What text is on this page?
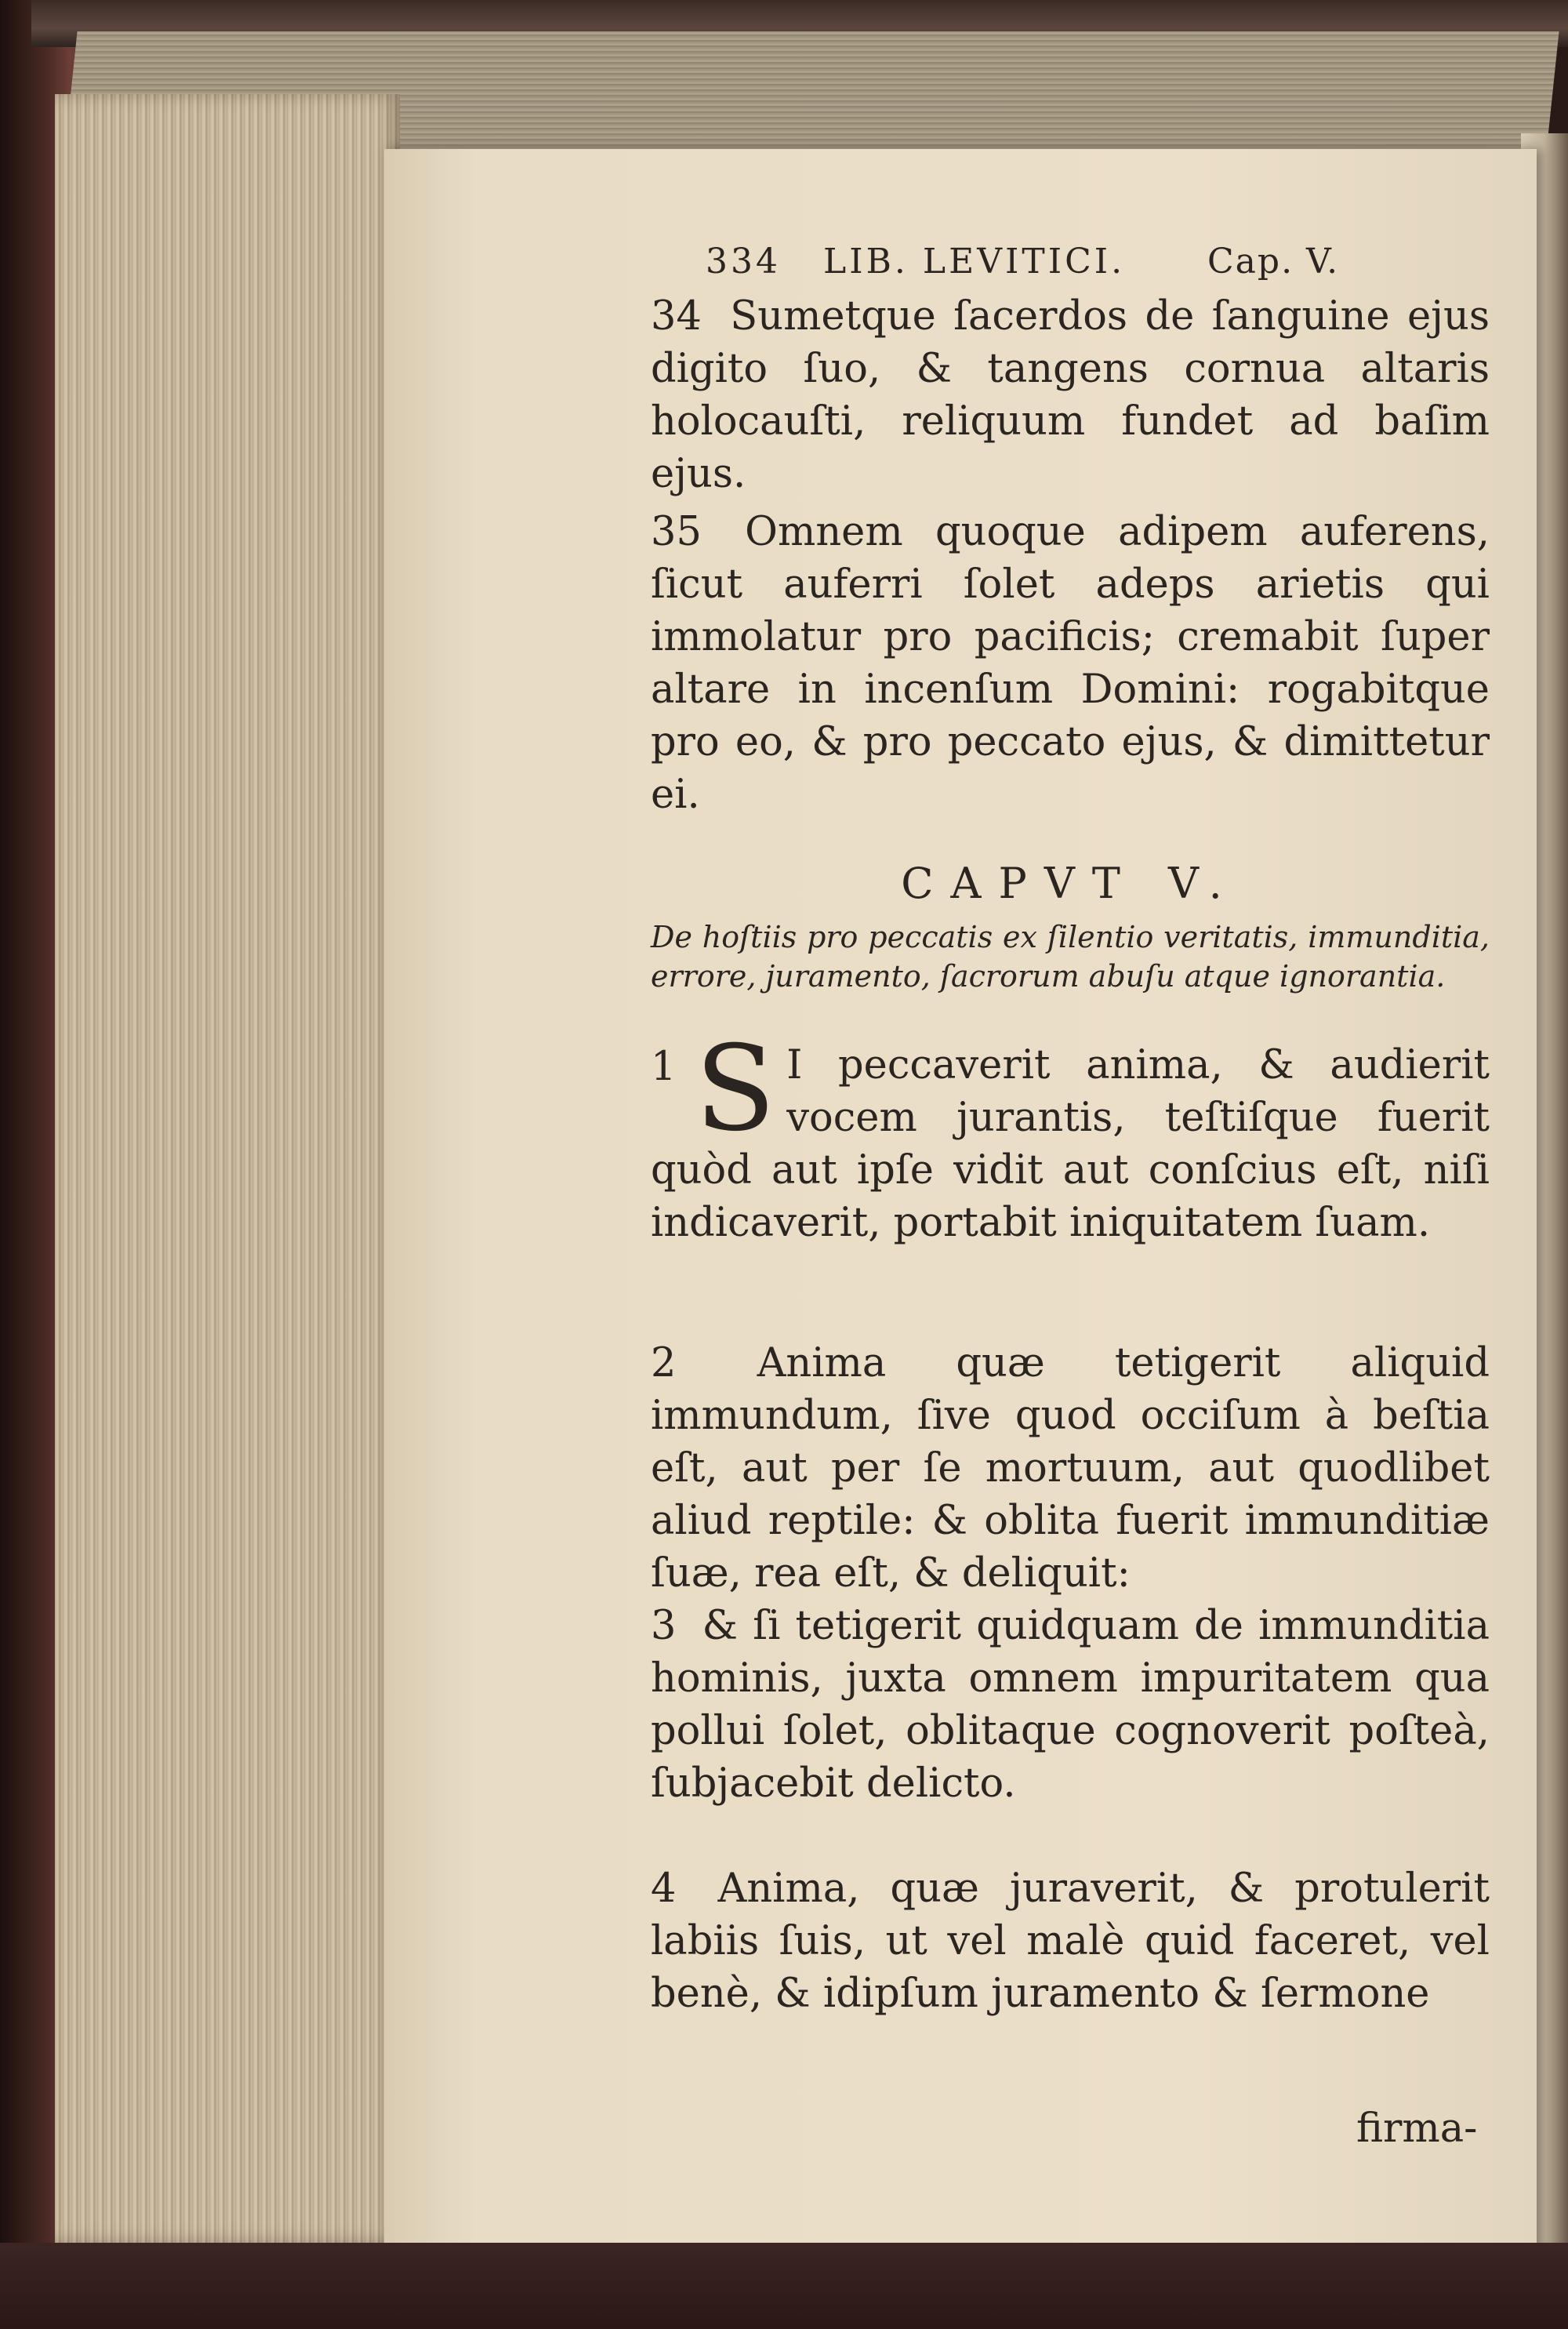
334 LIB. LEVITICI. Cap. V.

34 Sumetque ſacerdos de ſanguine ejus digito ſuo, & tangens cornua altaris holocauſti, reliquum fundet ad baſim ejus.

35 Omnem quoque adipem auferens, ſicut auferri ſolet adeps arietis qui immolatur pro pacificis; cremabit ſuper altare in incenſum Domini: rogabitque pro eo, & pro peccato ejus, & dimittetur ei.

CAPVT V.
De hoſtiis pro peccatis ex ſilentio veritatis, immunditia, errore, juramento, ſacrorum abuſu atque ignorantia.

1 S I peccaverit anima, & audierit vocem jurantis, teſtiſque fuerit quòd aut ipſe vidit aut conſcius eſt, niſi indicaverit, portabit iniquitatem ſuam.

2 Anima quæ tetigerit aliquid immundum, ſive quod occiſum à beſtia eſt, aut per ſe mortuum, aut quodlibet aliud reptile: & oblita fuerit immunditiæ ſuæ, rea eſt, & deliquit:

3 & ſi tetigerit quidquam de immunditia hominis, juxta omnem impuritatem qua pollui ſolet, oblitaque cognoverit poſteà, ſubjacebit delicto.

4 Anima, quæ juraverit, & protulerit labiis ſuis, ut vel malè quid faceret, vel benè, & idipſum juramento & ſermone

firma-
